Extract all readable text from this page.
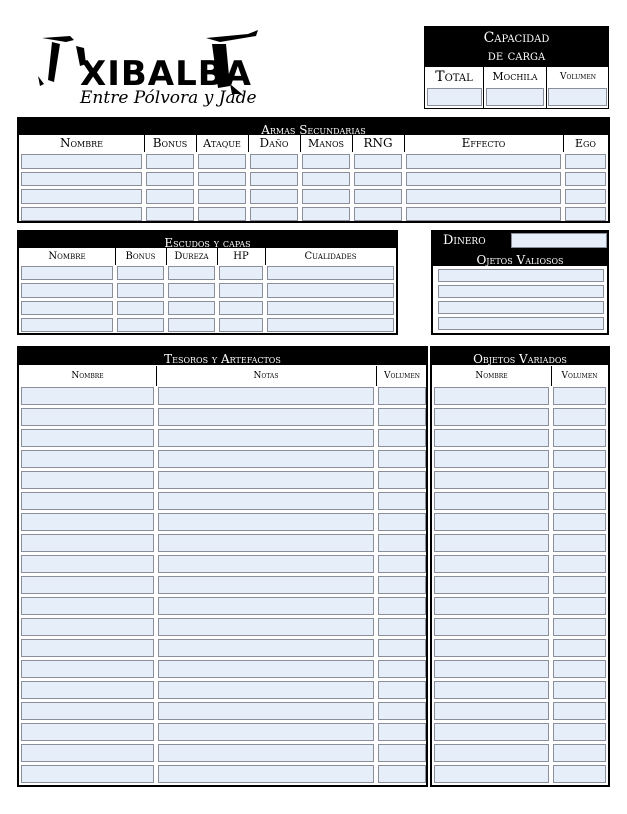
XIBALBA
Entre Pólvora y Jade
Capacidad
de carga
Total	Mochila	Volumen
Armas Secundarias
Nombre	Bonus	Ataque	Daño	Manos	RNG	Effecto	Ego
Escudos y capas
Nombre	Bonus	Dureza	HP	Cualidades
Dinero
Ojetos Valiosos
Tesoros y Artefactos
Nombre	Notas	Volumen
Objetos Variados
Nombre	Volumen
